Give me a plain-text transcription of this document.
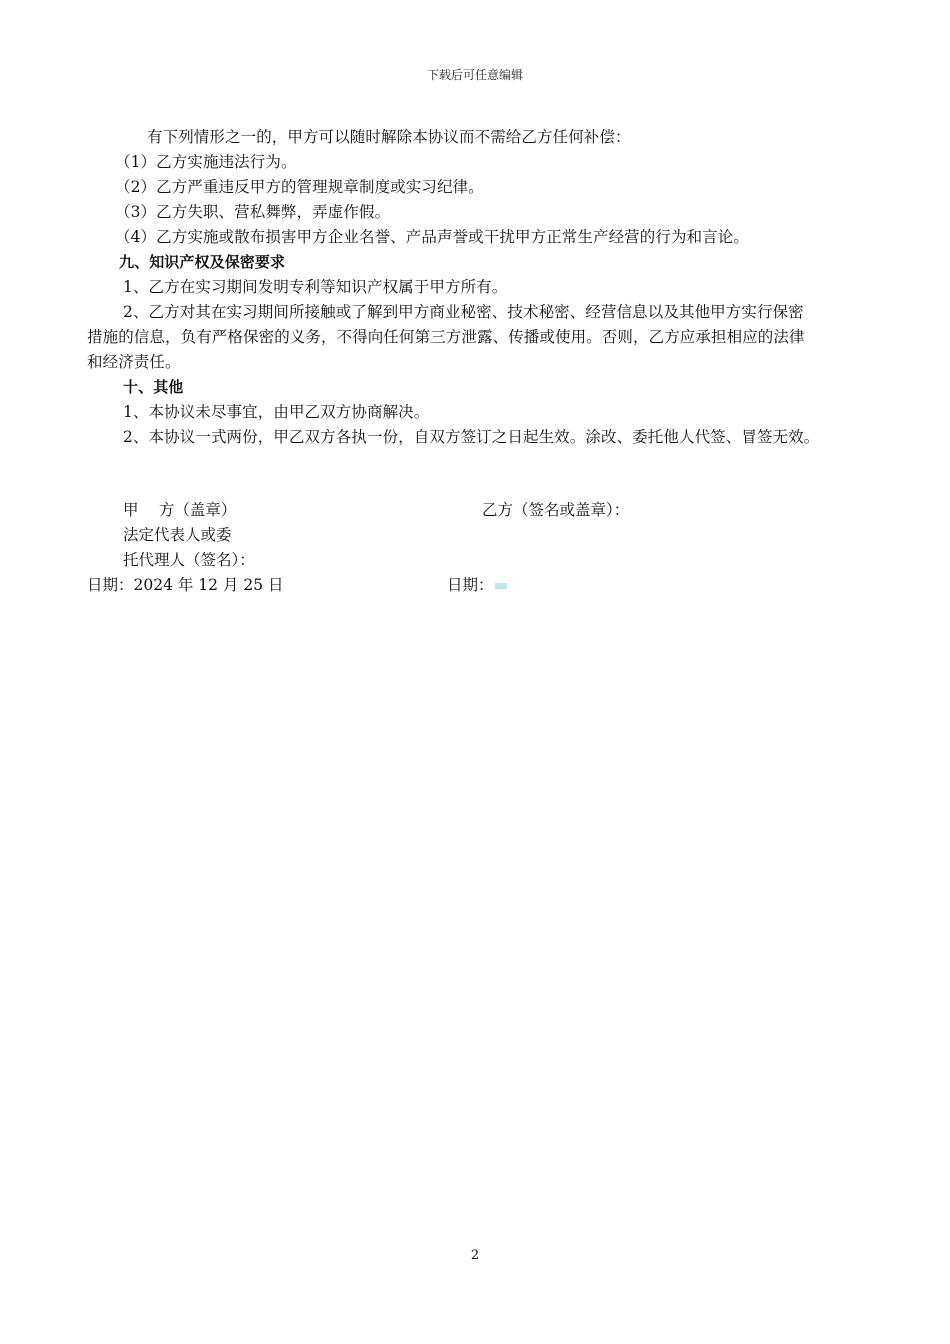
下载后可任意编辑
有下列情形之一的，甲方可以随时解除本协议而不需给乙方任何补偿：
（1）乙方实施违法行为。
（2）乙方严重违反甲方的管理规章制度或实习纪律。
（3）乙方失职、营私舞弊，弄虚作假。
（4）乙方实施或散布损害甲方企业名誉、产品声誉或干扰甲方正常生产经营的行为和言论。
九、知识产权及保密要求
1、乙方在实习期间发明专利等知识产权属于甲方所有。
2、乙方对其在实习期间所接触或了解到甲方商业秘密、技术秘密、经营信息以及其他甲方实行保密
措施的信息，负有严格保密的义务，不得向任何第三方泄露、传播或使用。否则，乙方应承担相应的法律
和经济责任。
十、其他
1、本协议未尽事宜，由甲乙双方协商解决。
2、本协议一式两份，甲乙双方各执一份，自双方签订之日起生效。涂改、委托他人代签、冒签无效。
甲　 方（盖章）	乙方（签名或盖章）：
法定代表人或委
托代理人（签名）：
日期：2024 年 12 月 25 日	日期：
2
